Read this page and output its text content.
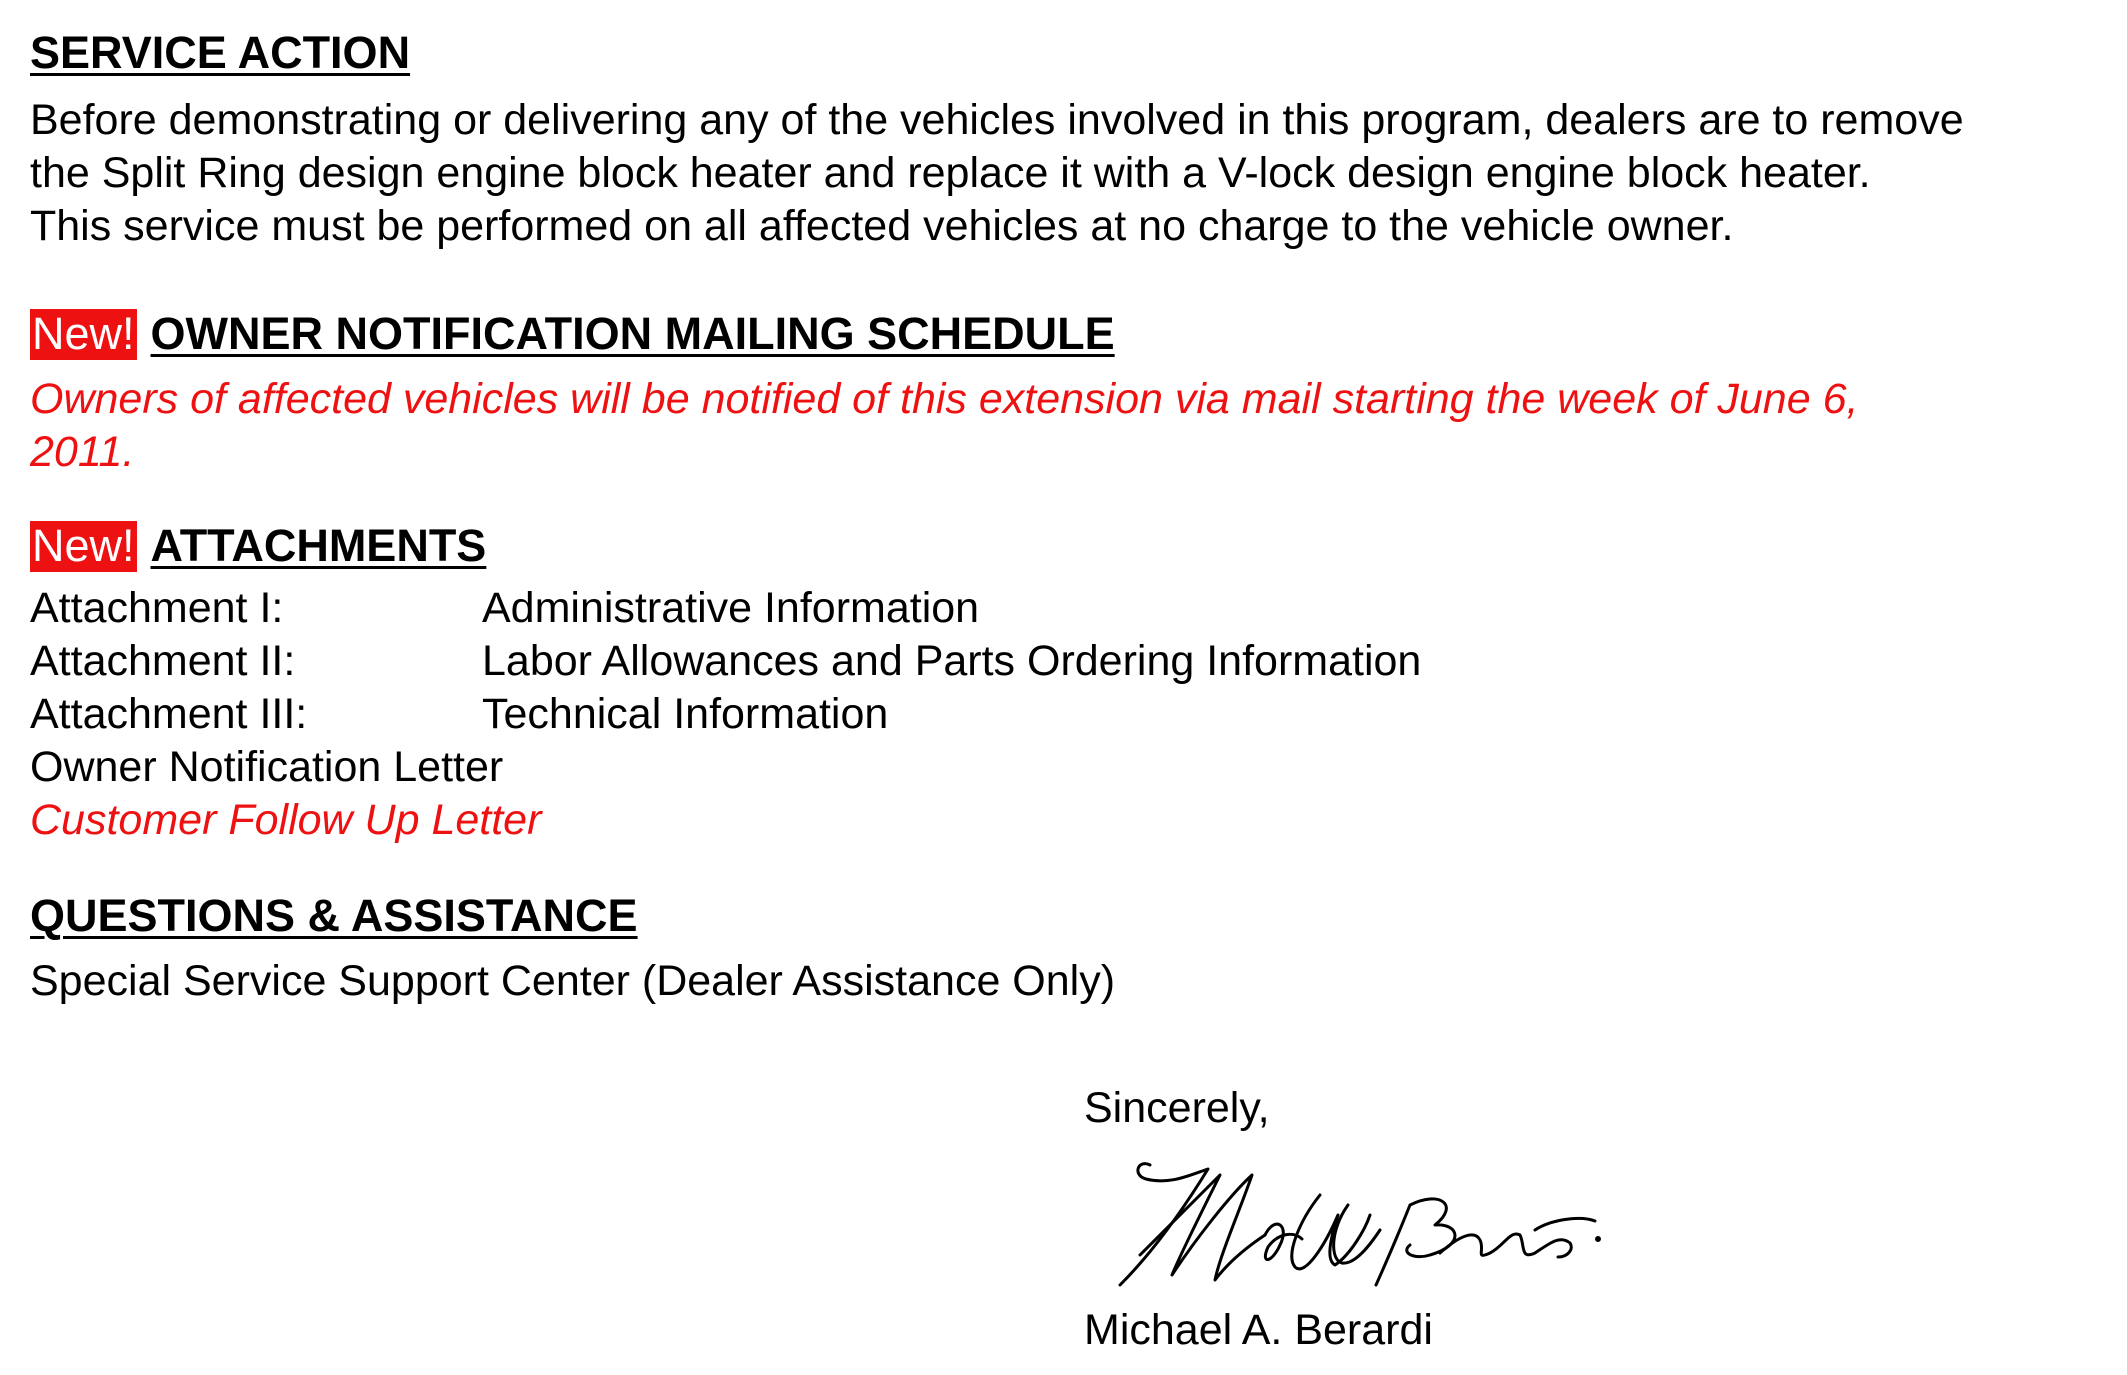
SERVICE ACTION
Before demonstrating or delivering any of the vehicles involved in this program, dealers are to remove
the Split Ring design engine block heater and replace it with a V-lock design engine block heater.
This service must be performed on all affected vehicles at no charge to the vehicle owner.
New! OWNER NOTIFICATION MAILING SCHEDULE
Owners of affected vehicles will be notified of this extension via mail starting the week of June 6,
2011.
New! ATTACHMENTS
Attachment I:	Administrative Information
Attachment II:	Labor Allowances and Parts Ordering Information
Attachment III:	Technical Information
Owner Notification Letter
Customer Follow Up Letter
QUESTIONS & ASSISTANCE
Special Service Support Center (Dealer Assistance Only)
Sincerely,
Michael A. Berardi
